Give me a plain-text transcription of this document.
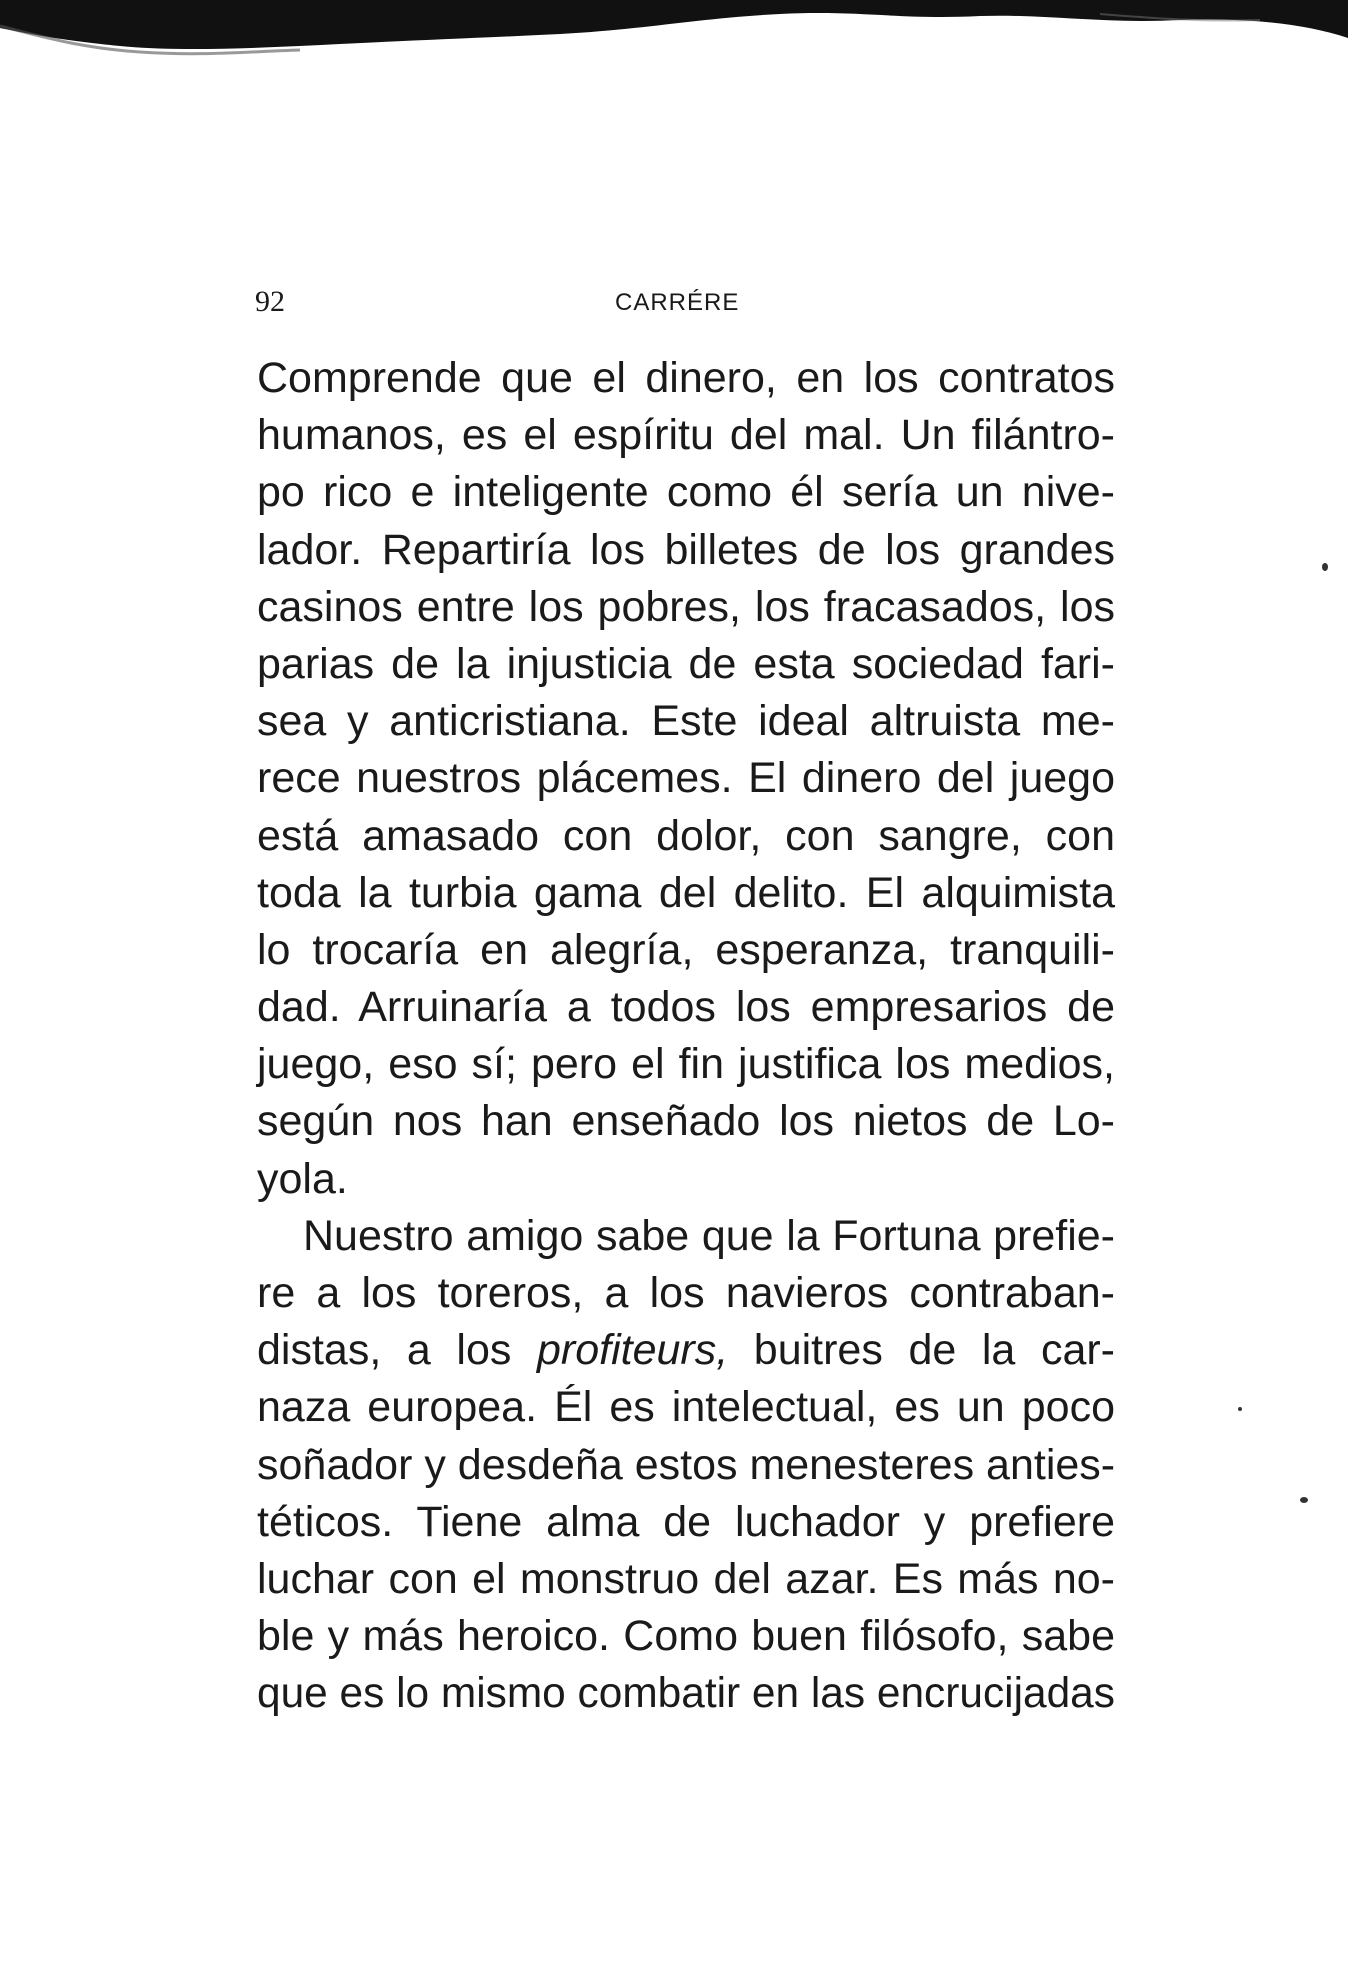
92	CARRÉRE
Comprende que el dinero, en los contratos
humanos, es el espíritu del mal. Un filántro-
po rico e inteligente como él sería un nive-
lador. Repartiría los billetes de los grandes
casinos entre los pobres, los fracasados, los
parias de la injusticia de esta sociedad fari-
sea y anticristiana. Este ideal altruista me-
rece nuestros plácemes. El dinero del juego
está amasado con dolor, con sangre, con
toda la turbia gama del delito. El alquimista
lo trocaría en alegría, esperanza, tranquili-
dad. Arruinaría a todos los empresarios de
juego, eso sí; pero el fin justifica los medios,
según nos han enseñado los nietos de Lo-
yola.
Nuestro amigo sabe que la Fortuna prefie-
re a los toreros, a los navieros contraban-
distas, a los profiteurs, buitres de la car-
naza europea. Él es intelectual, es un poco
soñador y desdeña estos menesteres anties-
téticos. Tiene alma de luchador y prefiere
luchar con el monstruo del azar. Es más no-
ble y más heroico. Como buen filósofo, sabe
que es lo mismo combatir en las encrucijadas
